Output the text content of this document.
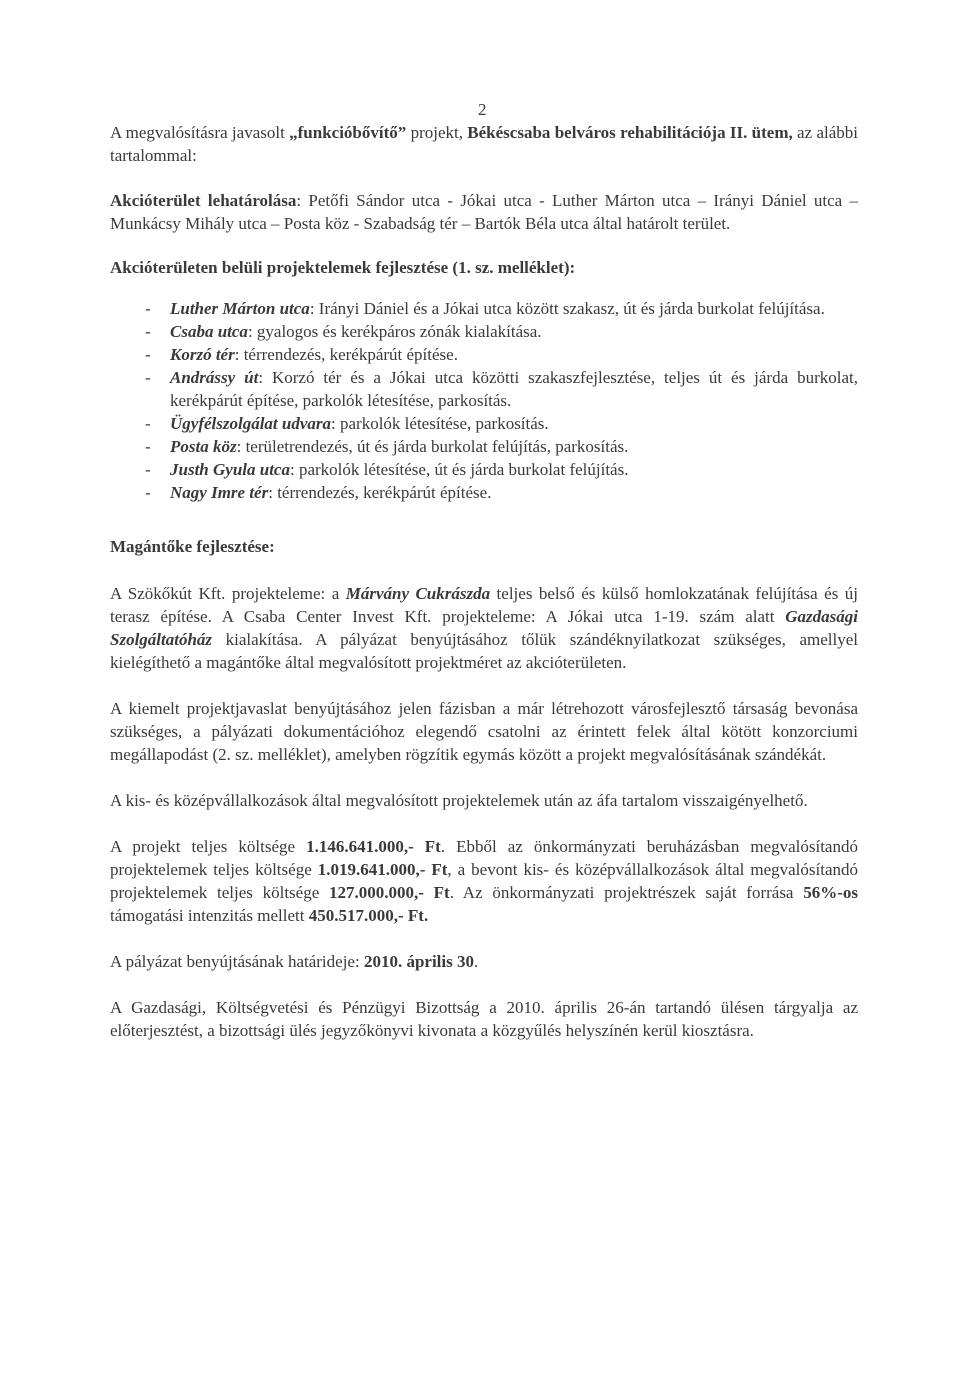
2

A megvalósításra javasolt „funkcióbővítő” projekt, Békéscsaba belváros rehabilitációja II. ütem, az alábbi tartalommal:

Akcióterület lehatárolása: Petőfi Sándor utca - Jókai utca - Luther Márton utca – Irányi Dániel utca – Munkácsy Mihály utca – Posta köz - Szabadság tér – Bartók Béla utca által határolt terület.

Akcióterületen belüli projektelemek fejlesztése (1. sz. melléklet):

- Luther Márton utca: Irányi Dániel és a Jókai utca között szakasz, út és járda burkolat felújítása.
- Csaba utca: gyalogos és kerékpáros zónák kialakítása.
- Korzó tér: térrendezés, kerékpárút építése.
- Andrássy út: Korzó tér és a Jókai utca közötti szakaszfejlesztése, teljes út és járda burkolat, kerékpárút építése, parkolók létesítése, parkosítás.
- Ügyfélszolgálat udvara: parkolók létesítése, parkosítás.
- Posta köz: területrendezés, út és járda burkolat felújítás, parkosítás.
- Justh Gyula utca: parkolók létesítése, út és járda burkolat felújítás.
- Nagy Imre tér: térrendezés, kerékpárút építése.

Magántőke fejlesztése:

A Szökőkút Kft. projekteleme: a Márvány Cukrászda teljes belső és külső homlokzatának felújítása és új terasz építése. A Csaba Center Invest Kft. projekteleme: A Jókai utca 1-19. szám alatt Gazdasági Szolgáltatóház kialakítása. A pályázat benyújtásához tőlük szándéknyilatkozat szükséges, amellyel kielégíthető a magántőke által megvalósított projektméret az akcióterületen.

A kiemelt projektjavaslat benyújtásához jelen fázisban a már létrehozott városfejlesztő társaság bevonása szükséges, a pályázati dokumentációhoz elegendő csatolni az érintett felek által kötött konzorciumi megállapodást (2. sz. melléklet), amelyben rögzítik egymás között a projekt megvalósításának szándékát.

A kis- és középvállalkozások által megvalósított projektelemek után az áfa tartalom visszaigényelhető.

A projekt teljes költsége 1.146.641.000,- Ft. Ebből az önkormányzati beruházásban megvalósítandó projektelemek teljes költsége 1.019.641.000,- Ft, a bevont kis- és középvállalkozások által megvalósítandó projektelemek teljes költsége 127.000.000,- Ft. Az önkormányzati projektrészek saját forrása 56%-os támogatási intenzitás mellett 450.517.000,- Ft.

A pályázat benyújtásának határideje: 2010. április 30.

A Gazdasági, Költségvetési és Pénzügyi Bizottság a 2010. április 26-án tartandó ülésen tárgyalja az előterjesztést, a bizottsági ülés jegyzőkönyvi kivonata a közgyűlés helyszínén kerül kiosztásra.
